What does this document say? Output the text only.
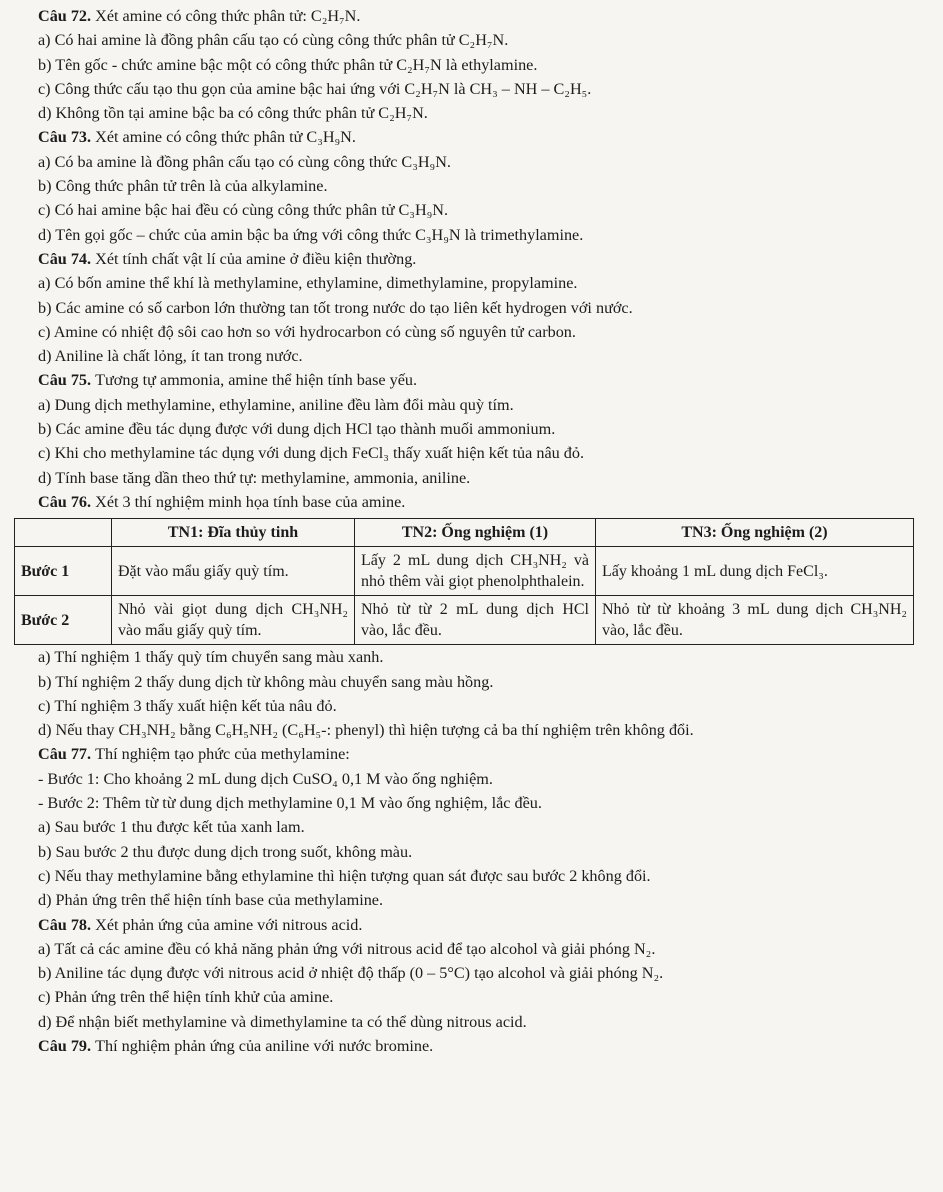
Câu 72. Xét amine có công thức phân tử: C₂H₇N.
a) Có hai amine là đồng phân cấu tạo có cùng công thức phân tử C₂H₇N.
b) Tên gốc - chức amine bậc một có công thức phân tử C₂H₇N là ethylamine.
c) Công thức cấu tạo thu gọn của amine bậc hai ứng với C₂H₇N là CH₃ – NH – C₂H₅.
d) Không tồn tại amine bậc ba có công thức phân tử C₂H₇N.
Câu 73. Xét amine có công thức phân tử C₃H₉N.
a) Có ba amine là đồng phân cấu tạo có cùng công thức C₃H₉N.
b) Công thức phân tử trên là của alkylamine.
c) Có hai amine bậc hai đều có cùng công thức phân tử C₃H₉N.
d) Tên gọi gốc – chức của amin bậc ba ứng với công thức C₃H₉N là trimethylamine.
Câu 74. Xét tính chất vật lí của amine ở điều kiện thường.
a) Có bốn amine thể khí là methylamine, ethylamine, dimethylamine, propylamine.
b) Các amine có số carbon lớn thường tan tốt trong nước do tạo liên kết hydrogen với nước.
c) Amine có nhiệt độ sôi cao hơn so với hydrocarbon có cùng số nguyên tử carbon.
d) Aniline là chất lỏng, ít tan trong nước.
Câu 75. Tương tự ammonia, amine thể hiện tính base yếu.
a) Dung dịch methylamine, ethylamine, aniline đều làm đổi màu quỳ tím.
b) Các amine đều tác dụng được với dung dịch HCl tạo thành muối ammonium.
c) Khi cho methylamine tác dụng với dung dịch FeCl₃ thấy xuất hiện kết tủa nâu đỏ.
d) Tính base tăng dần theo thứ tự: methylamine, ammonia, aniline.
Câu 76. Xét 3 thí nghiệm minh họa tính base của amine.
	TN1: Đĩa thủy tinh	TN2: Ống nghiệm (1)	TN3: Ống nghiệm (2)
Bước 1	Đặt vào mẩu giấy quỳ tím.	Lấy 2 mL dung dịch CH₃NH₂ và nhỏ thêm vài giọt phenolphthalein.	Lấy khoảng 1 mL dung dịch FeCl₃.
Bước 2	Nhỏ vài giọt dung dịch CH₃NH₂ vào mẩu giấy quỳ tím.	Nhỏ từ từ 2 mL dung dịch HCl vào, lắc đều.	Nhỏ từ từ khoảng 3 mL dung dịch CH₃NH₂ vào, lắc đều.
a) Thí nghiệm 1 thấy quỳ tím chuyển sang màu xanh.
b) Thí nghiệm 2 thấy dung dịch từ không màu chuyển sang màu hồng.
c) Thí nghiệm 3 thấy xuất hiện kết tủa nâu đỏ.
d) Nếu thay CH₃NH₂ bằng C₆H₅NH₂ (C₆H₅-: phenyl) thì hiện tượng cả ba thí nghiệm trên không đổi.
Câu 77. Thí nghiệm tạo phức của methylamine:
- Bước 1: Cho khoảng 2 mL dung dịch CuSO₄ 0,1 M vào ống nghiệm.
- Bước 2: Thêm từ từ dung dịch methylamine 0,1 M vào ống nghiệm, lắc đều.
a) Sau bước 1 thu được kết tủa xanh lam.
b) Sau bước 2 thu được dung dịch trong suốt, không màu.
c) Nếu thay methylamine bằng ethylamine thì hiện tượng quan sát được sau bước 2 không đổi.
d) Phản ứng trên thể hiện tính base của methylamine.
Câu 78. Xét phản ứng của amine với nitrous acid.
a) Tất cả các amine đều có khả năng phản ứng với nitrous acid để tạo alcohol và giải phóng N₂.
b) Aniline tác dụng được với nitrous acid ở nhiệt độ thấp (0 – 5°C) tạo alcohol và giải phóng N₂.
c) Phản ứng trên thể hiện tính khử của amine.
d) Để nhận biết methylamine và dimethylamine ta có thể dùng nitrous acid.
Câu 79. Thí nghiệm phản ứng của aniline với nước bromine.
